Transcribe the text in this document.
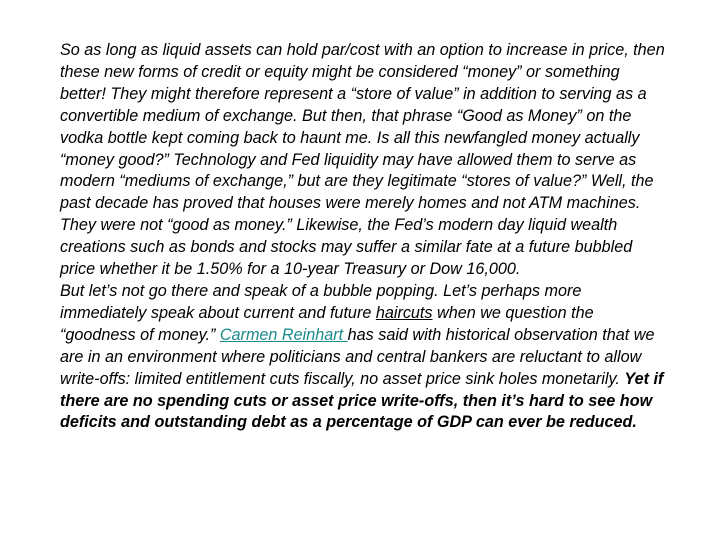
So as long as liquid assets can hold par/cost with an option to increase in price, then these new forms of credit or equity might be considered “money” or something better! They might therefore represent a “store of value” in addition to serving as a convertible medium of exchange. But then, that phrase “Good as Money” on the vodka bottle kept coming back to haunt me. Is all this newfangled money actually “money good?” Technology and Fed liquidity may have allowed them to serve as modern “mediums of exchange,” but are they legitimate “stores of value?” Well, the past decade has proved that houses were merely homes and not ATM machines. They were not “good as money.” Likewise, the Fed’s modern day liquid wealth creations such as bonds and stocks may suffer a similar fate at a future bubbled price whether it be 1.50% for a 10-year Treasury or Dow 16,000.

But let’s not go there and speak of a bubble popping. Let’s perhaps more immediately speak about current and future haircuts when we question the “goodness of money.” Carmen Reinhart has said with historical observation that we are in an environment where politicians and central bankers are reluctant to allow write-offs: limited entitlement cuts fiscally, no asset price sink holes monetarily. Yet if there are no spending cuts or asset price write-offs, then it’s hard to see how deficits and outstanding debt as a percentage of GDP can ever be reduced.
